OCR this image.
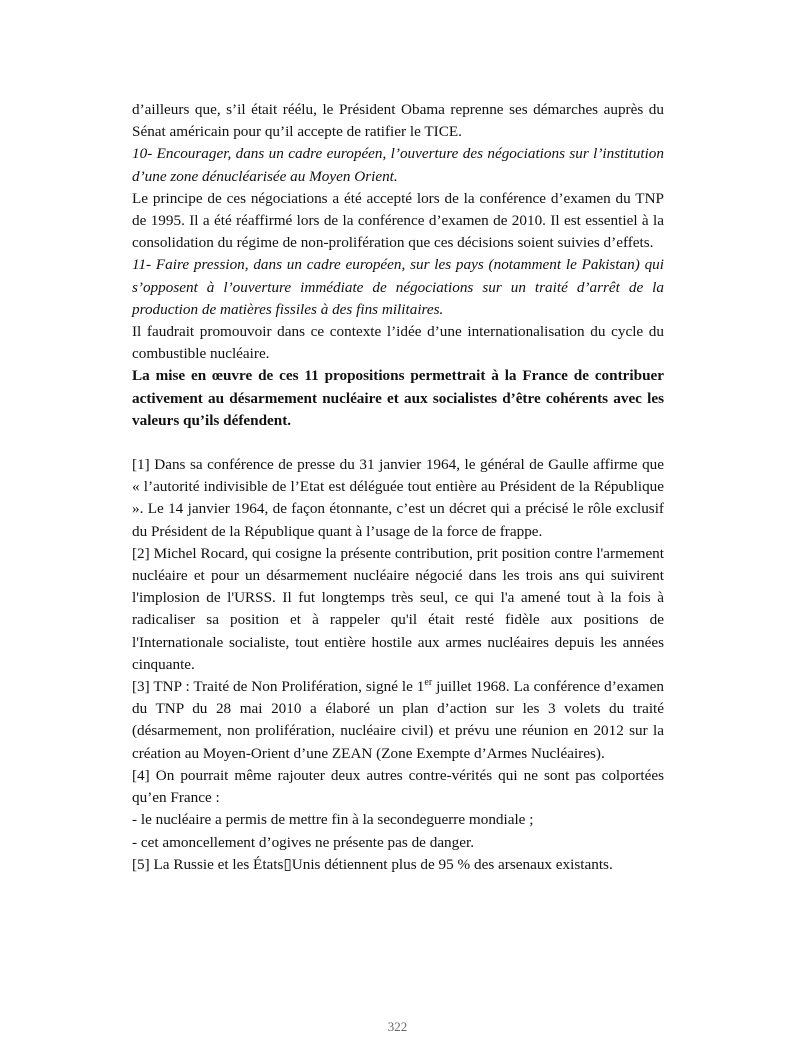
d’ailleurs que, s’il était réélu, le Président Obama reprenne ses démarches auprès du Sénat américain pour qu’il accepte de ratifier le TICE.

10- Encourager, dans un cadre européen, l’ouverture des négociations sur l’institution d’une zone dénucléarisée au Moyen Orient.

Le principe de ces négociations a été accepté lors de la conférence d’examen du TNP de 1995. Il a été réaffirmé lors de la conférence d’examen de 2010. Il est essentiel à la consolidation du régime de non-prolifération que ces décisions soient suivies d’effets.

11- Faire pression, dans un cadre européen, sur les pays (notamment le Pakistan) qui s’opposent à l’ouverture immédiate de négociations sur un traité d’arrêt de la production de matières fissiles à des fins militaires.

Il faudrait promouvoir dans ce contexte l’idée d’une internationalisation du cycle du combustible nucléaire.

La mise en œuvre de ces 11 propositions permettrait à la France de contribuer activement au désarmement nucléaire et aux socialistes d’être cohérents avec les valeurs qu’ils défendent.

[1] Dans sa conférence de presse du 31 janvier 1964, le général de Gaulle affirme que « l’autorité indivisible de l’Etat est déléguée tout entière au Président de la République ». Le 14 janvier 1964, de façon étonnante, c’est un décret qui a précisé le rôle exclusif du Président de la République quant à l’usage de la force de frappe.

[2] Michel Rocard, qui cosigne la présente contribution, prit position contre l'armement nucléaire et pour un désarmement nucléaire négocié dans les trois ans qui suivirent l'implosion de l'URSS. Il fut longtemps très seul, ce qui l'a amené tout à la fois à radicaliser sa position et à rappeler qu'il était resté fidèle aux positions de l'Internationale socialiste, tout entière hostile aux armes nucléaires depuis les années cinquante.

[3] TNP : Traité de Non Prolifération, signé le 1er juillet 1968. La conférence d’examen du TNP du 28 mai 2010 a élaboré un plan d’action sur les 3 volets du traité (désarmement, non prolifération, nucléaire civil) et prévu une réunion en 2012 sur la création au Moyen-Orient d’une ZEAN (Zone Exempte d’Armes Nucléaires).

[4] On pourrait même rajouter deux autres contre-vérités qui ne sont pas colportées qu’en France :

- le nucléaire a permis de mettre fin à la secondeguerre mondiale ;

- cet amoncellement d’ogives ne présente pas de danger.

[5] La Russie et les États▯Unis détiennent plus de 95 % des arsenaux existants.

322
